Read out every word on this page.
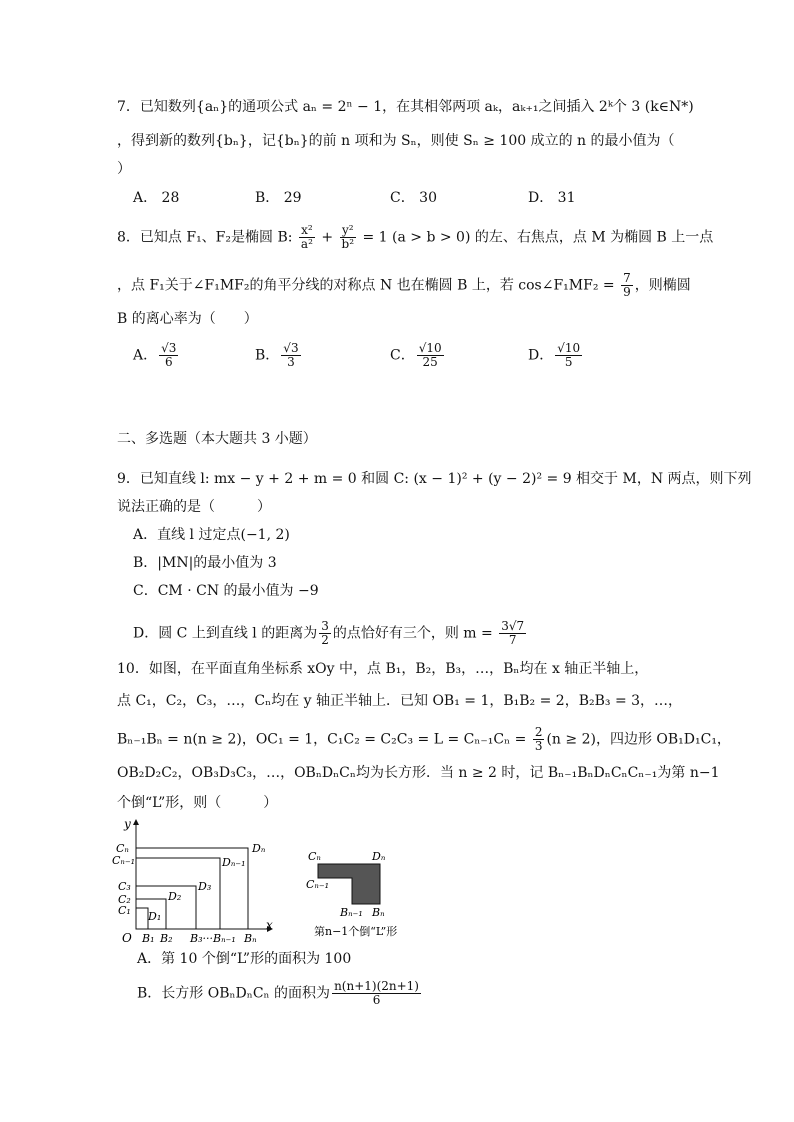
7．已知数列{aₙ}的通项公式 aₙ = 2ⁿ − 1，在其相邻两项 aₖ，aₖ₊₁之间插入 2ᵏ个 3 (k∈N*)
，得到新的数列{bₙ}，记{bₙ}的前 n 项和为 Sₙ，则使 Sₙ ≥ 100 成立的 n 的最小值为（
）
A． 28	B． 29	C． 30	D． 31
8．已知点 F₁、F₂是椭圆 B: $\frac{\text{x²}}{\text{a²}} + \frac{\text{y²}}{\text{b²}} = 1$ (a > b > 0) 的左、右焦点，点 M 为椭圆 B 上一点
，点 F₁关于∠F₁MF₂的角平分线的对称点 N 也在椭圆 B 上，若 cos∠F₁MF₂ = $\frac{7}{9}$ ，则椭圆
B 的离心率为（　　）
A． $\frac{√3}{6}$	B． $\frac{√3}{3}$	C． $\frac{√10}{25}$	D． $\frac{√10}{5}$
二、多选题（本大题共 3 小题）
9．已知直线 l: mx − y + 2 + m = 0 和圆 C: (x − 1)² + (y − 2)² = 9 相交于 M，N 两点，则下列
说法正确的是（　　　）
A．直线 l 过定点(−1, 2)
B．|MN|的最小值为 3
C．CM · CN 的最小值为 −9
D．圆 C 上到直线 l 的距离为 $\frac{3}{2}$ 的点恰好有三个，则 $m = \frac{3√7}{7}$
10．如图，在平面直角坐标系 xOy 中，点 B₁，B₂，B₃，…，Bₙ均在 x 轴正半轴上，
点 C₁，C₂，C₃，…，Cₙ均在 y 轴正半轴上．已知 OB₁ = 1，B₁B₂ = 2，B₂B₃ = 3，…，
Bₙ₋₁Bₙ = n(n ≥ 2)，OC₁ = 1，$C_1C_2 = C_2C_3 = L = C_{n-1}C_n = \frac{2}{3} (n \ge 2)$，四边形 OB₁D₁C₁，
OB₂D₂C₂，OB₃D₃C₃，…，OBₙDₙCₙ均为长方形．当 n ≥ 2 时，记 Bₙ₋₁BₙDₙCₙCₙ₋₁为第 n−1
个倒“L”形，则（　　　）
y
x
O
Cₙ
Cₙ₋₁
C₃
C₂
C₁
B₁ B₂ B₃···Bₙ₋₁ Bₙ
D₁
D₂
D₃
Dₙ₋₁
Dₙ
Cₙ	Dₙ
Cₙ₋₁
Bₙ₋₁ Bₙ
第n−1个倒“L”形
A．第 10 个倒“L”形的面积为 100
B．长方形 OBₙDₙCₙ 的面积为 $\frac{n(n+1)(2n+1)}{6}$
